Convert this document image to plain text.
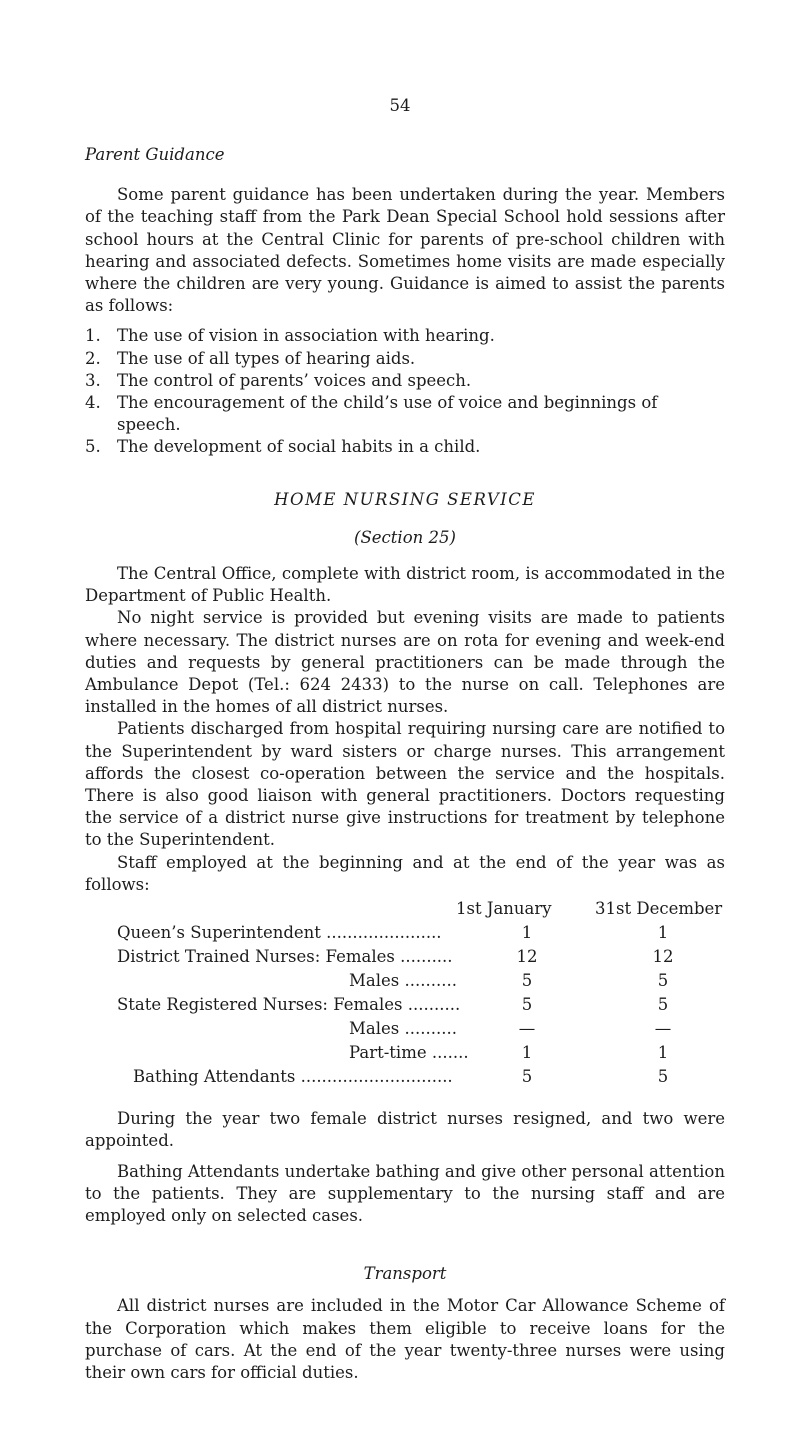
54
Parent Guidance

Some parent guidance has been undertaken during the year. Members of the teaching staff from the Park Dean Special School hold sessions after school hours at the Central Clinic for parents of pre-school children with hearing and associated defects. Sometimes home visits are made especially where the children are very young. Guidance is aimed to assist the parents as follows:

1. The use of vision in association with hearing.
2. The use of all types of hearing aids.
3. The control of parents’ voices and speech.
4. The encouragement of the child’s use of voice and beginnings of speech.
5. The development of social habits in a child.
HOME NURSING SERVICE
(Section 25)

The Central Office, complete with district room, is accommodated in the Department of Public Health.

No night service is provided but evening visits are made to patients where necessary. The district nurses are on rota for evening and week-end duties and requests by general practitioners can be made through the Ambulance Depot (Tel.: 624 2433) to the nurse on call. Telephones are installed in the homes of all district nurses.

Patients discharged from hospital requiring nursing care are notified to the Superintendent by ward sisters or charge nurses. This arrangement affords the closest co-operation between the service and the hospitals. There is also good liaison with general practitioners. Doctors requesting the service of a district nurse give instructions for treatment by telephone to the Superintendent.

Staff employed at the beginning and at the end of the year was as follows:

1st January	31st December
Queen’s Superintendent ......................	1	1
District Trained Nurses: Females ..........	12	12
Males ..........	5	5
State Registered Nurses: Females ..........	5	5
Males ..........	—	—
Part-time .......	1	1
Bathing Attendants .............................	5	5

During the year two female district nurses resigned, and two were appointed.

Bathing Attendants undertake bathing and give other personal attention to the patients. They are supplementary to the nursing staff and are employed only on selected cases.

Transport

All district nurses are included in the Motor Car Allowance Scheme of the Corporation which makes them eligible to receive loans for the purchase of cars. At the end of the year twenty-three nurses were using their own cars for official duties.
